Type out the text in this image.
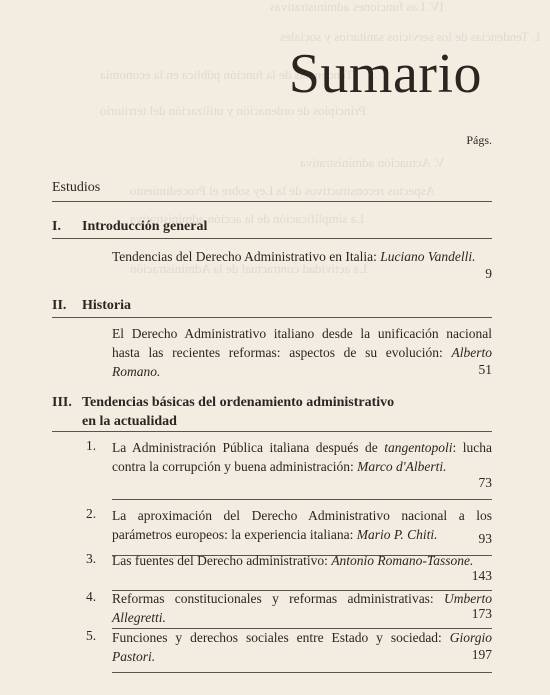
IV. Las funciones administrativas
1. Tendencias de los servicios sanitarios y sociales
Tendencias de la función pública en la economía
Principios de ordenación y utilización del territorio
V. Actuación administrativa
Aspectos reconstructivos de la Ley sobre el Procedimiento
La simplificación de la acción administrativa
La actividad contractual de la Administración
Sumario
Págs.
Estudios
I. Introducción general
Tendencias del Derecho Administrativo en Italia: Luciano Vandelli.
9
II. Historia
El Derecho Administrativo italiano desde la unificación nacional hasta las recientes reformas: aspectos de su evolución: Alberto Romano.	51
III. Tendencias básicas del ordenamiento administrativo
en la actualidad
1. La Administración Pública italiana después de tangentopoli: lucha contra la corrupción y buena administración: Marco d'Alberti.
73
2. La aproximación del Derecho Administrativo nacional a los parámetros europeos: la experiencia italiana: Mario P. Chiti.	93
3. Las fuentes del Derecho administrativo: Antonio Romano-Tassone.
143
4. Reformas constitucionales y reformas administrativas: Umberto Allegretti.	173
5. Funciones y derechos sociales entre Estado y sociedad: Giorgio Pastori.	197
